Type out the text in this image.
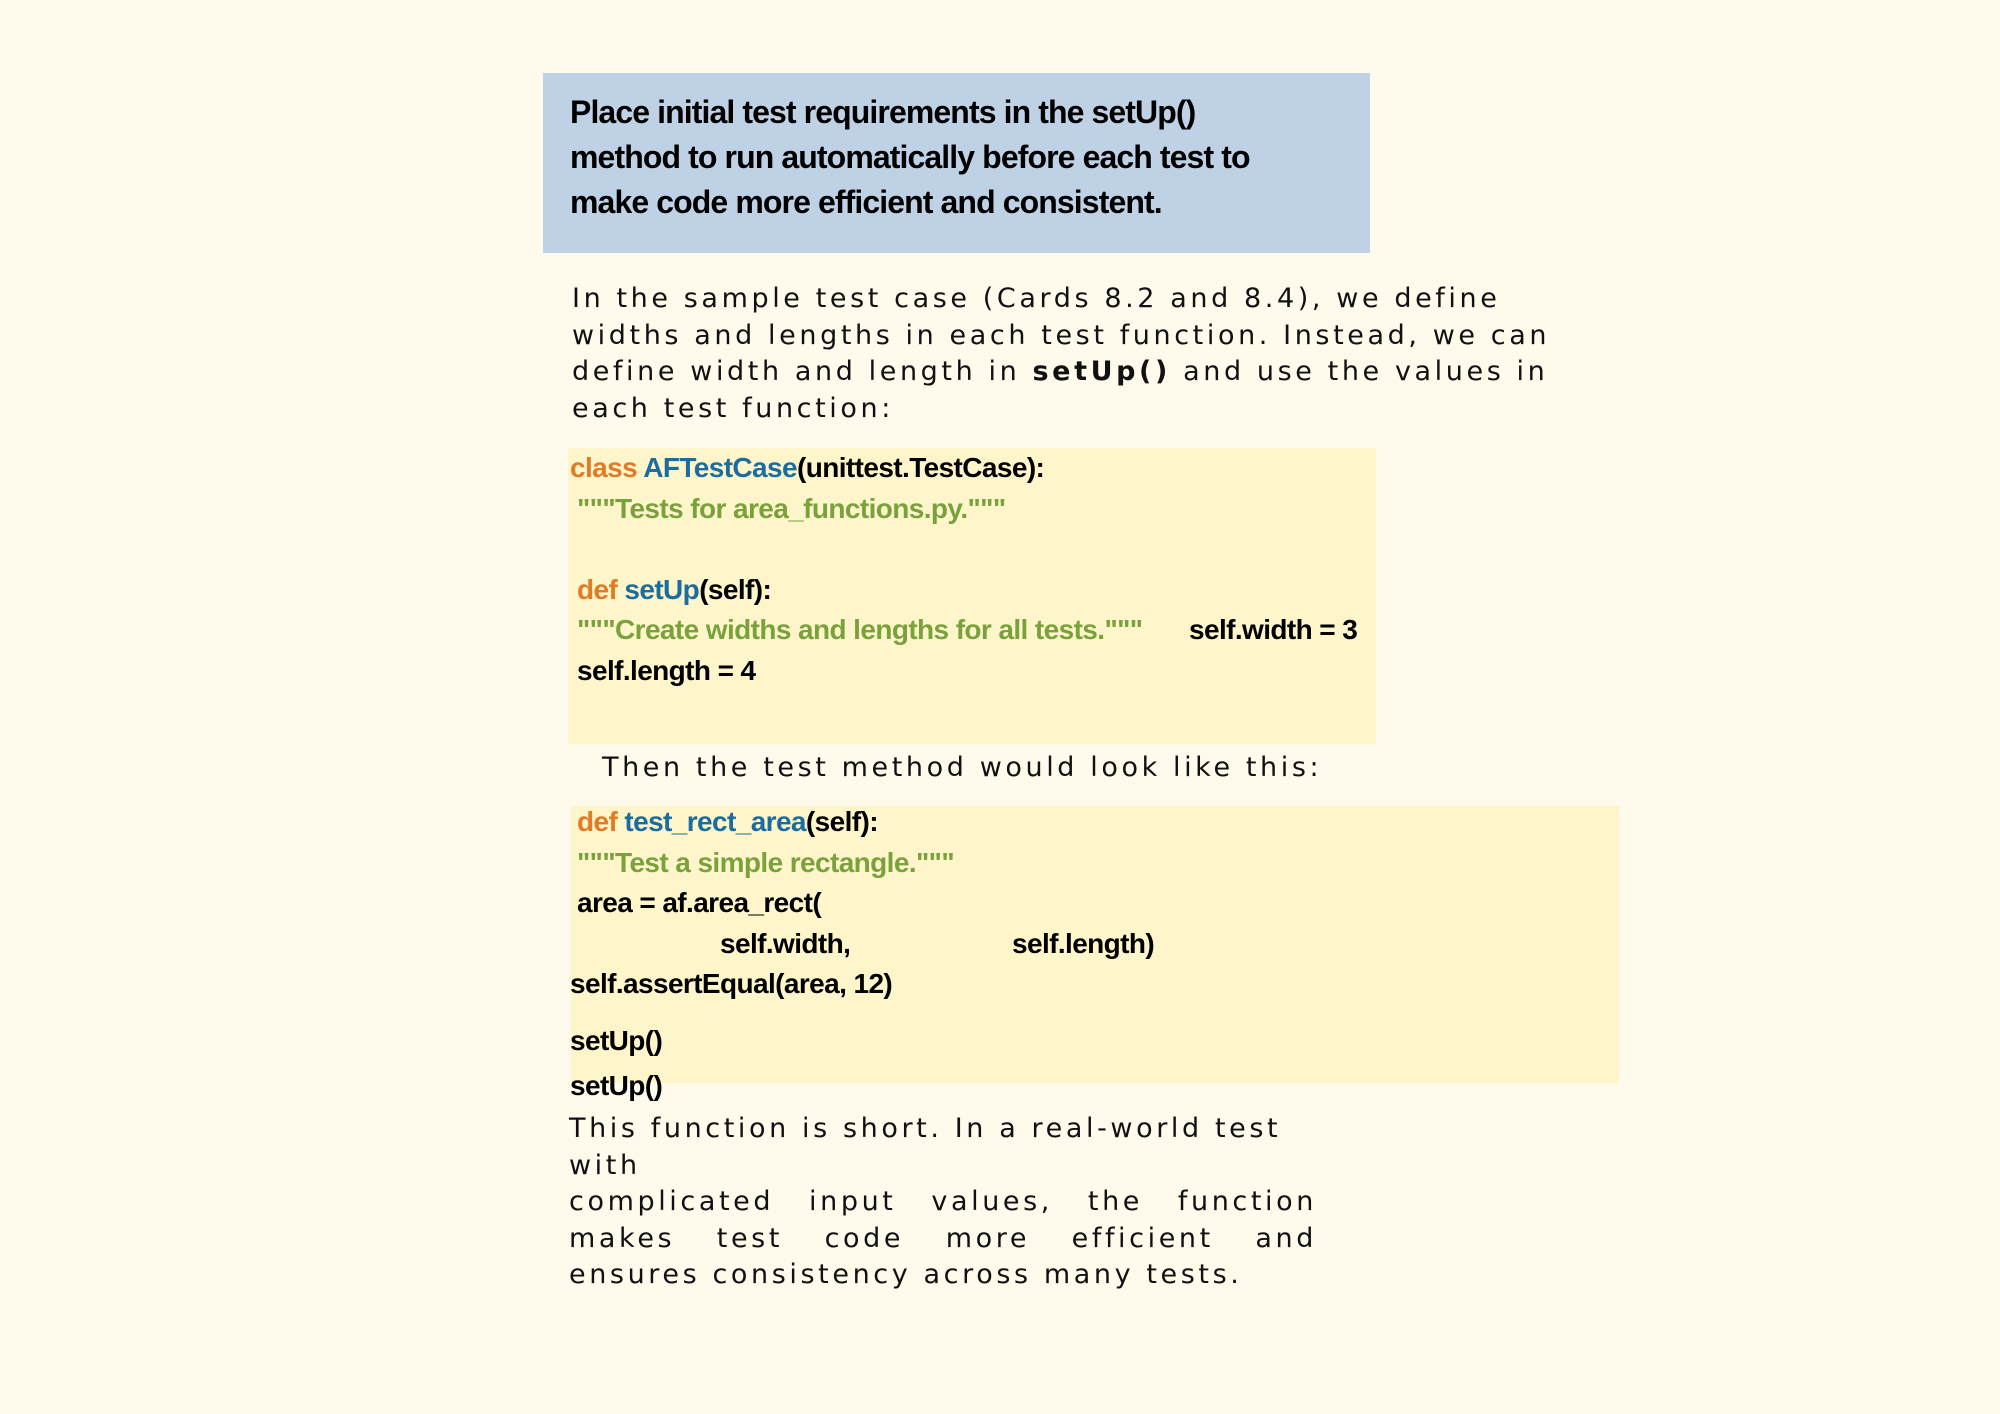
Place initial test requirements in the setUp()

method to run automatically before each test to

make code more efficient and consistent.

In the sample test case (Cards 8.2 and 8.4), we define

widths and lengths in each test function. Instead, we can

define width and length in setUp() and use the values in

each test function:

class AFTestCase(unittest.TestCase):
"""Tests for area_functions.py."""
def setUp(self):
"""Create widths and lengths for all tests.""" self.width = 3
self.length = 4
Then the test method would look like this:
def test_rect_area(self):
"""Test a simple rectangle."""
area = af.area_rect(
self.width,	self.length)
self.assertEqual(area, 12)
setUp()
setUp()

This function is short. In a real-world test

with

complicated input values, the function

makes test code more efficient and

ensures consistency across many tests.
